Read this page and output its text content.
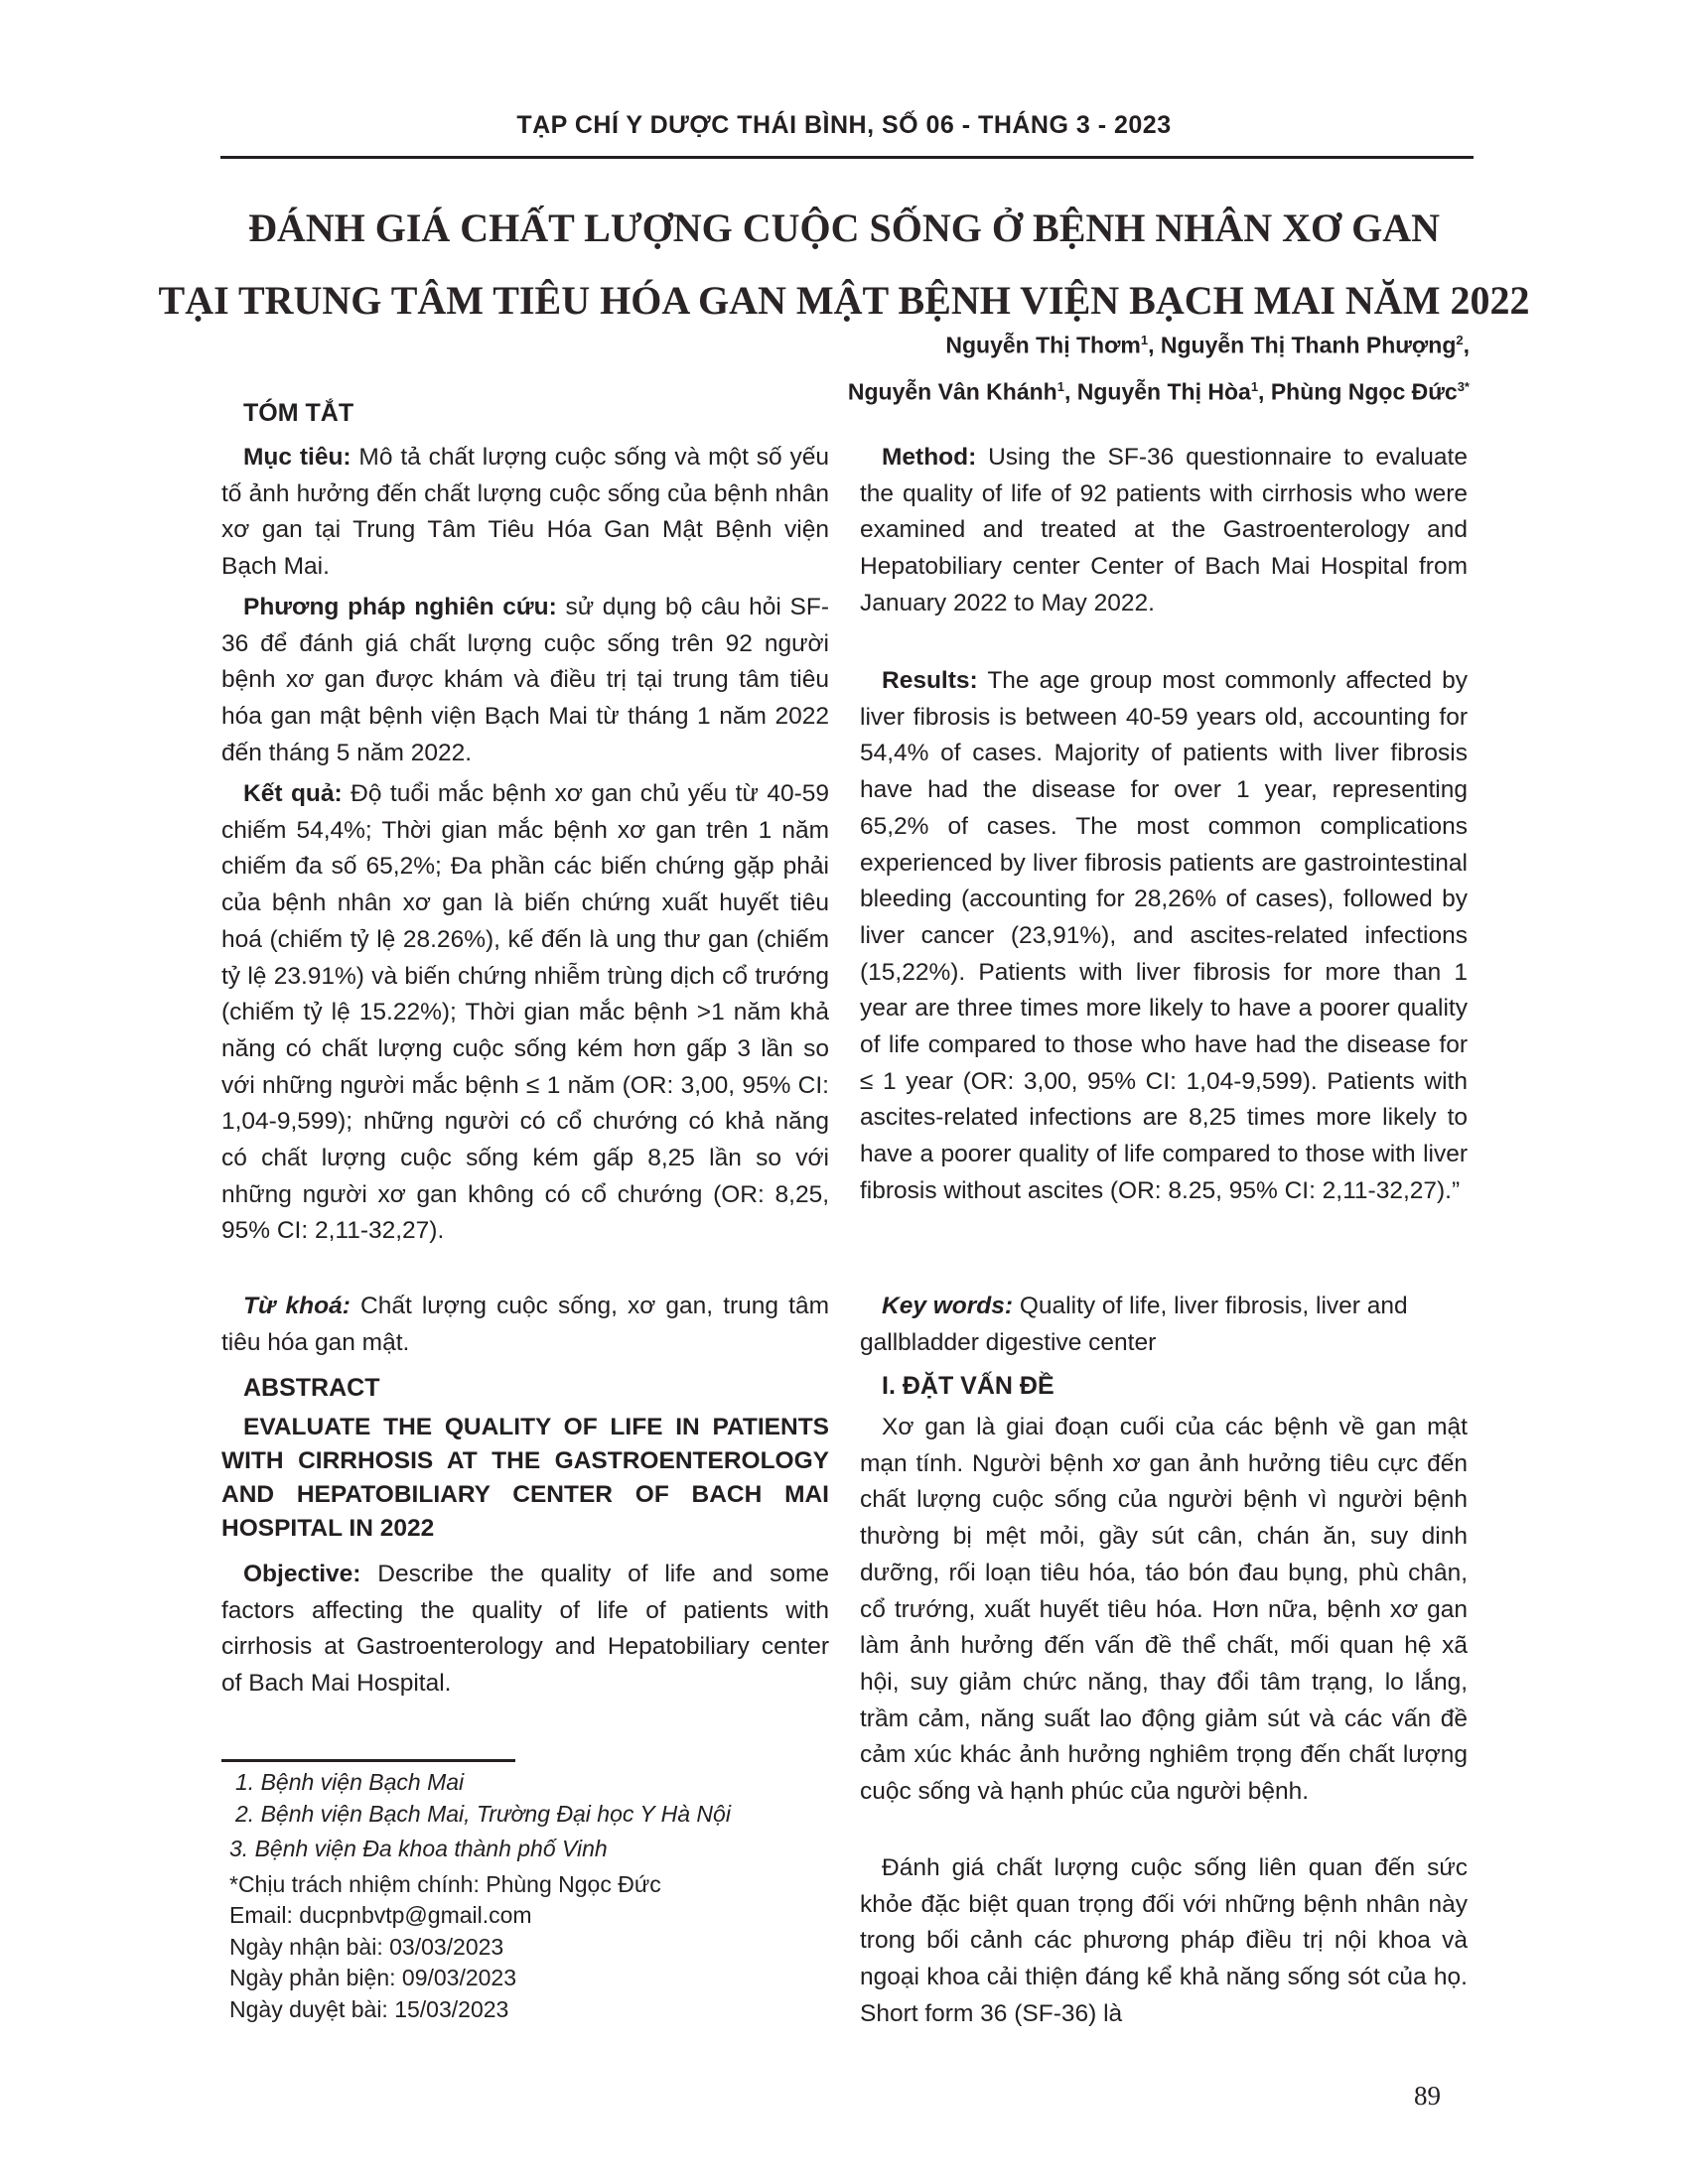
TẠP CHÍ Y DƯỢC THÁI BÌNH, SỐ 06 - THÁNG 3 - 2023
ĐÁNH GIÁ CHẤT LƯỢNG CUỘC SỐNG Ở BỆNH NHÂN XƠ GAN
TẠI TRUNG TÂM TIÊU HÓA GAN MẬT BỆNH VIỆN BẠCH MAI NĂM 2022
Nguyễn Thị Thơm$^1$, Nguyễn Thị Thanh Phượng$^2$,
Nguyễn Vân Khánh$^1$, Nguyễn Thị Hòa$^1$, Phùng Ngọc Đức$^{3*}$
TÓM TẮT
Mục tiêu: Mô tả chất lượng cuộc sống và một số yếu tố ảnh hưởng đến chất lượng cuộc sống của bệnh nhân xơ gan tại Trung Tâm Tiêu Hóa Gan Mật Bệnh viện Bạch Mai.
Phương pháp nghiên cứu: sử dụng bộ câu hỏi SF-36 để đánh giá chất lượng cuộc sống trên 92 người bệnh xơ gan được khám và điều trị tại trung tâm tiêu hóa gan mật bệnh viện Bạch Mai từ tháng 1 năm 2022 đến tháng 5 năm 2022.
Kết quả: Độ tuổi mắc bệnh xơ gan chủ yếu từ 40-59 chiếm 54,4%; Thời gian mắc bệnh xơ gan trên 1 năm chiếm đa số 65,2%; Đa phần các biến chứng gặp phải của bệnh nhân xơ gan là biến chứng xuất huyết tiêu hoá (chiếm tỷ lệ 28.26%), kế đến là ung thư gan (chiếm tỷ lệ 23.91%) và biến chứng nhiễm trùng dịch cổ trướng (chiếm tỷ lệ 15.22%); Thời gian mắc bệnh >1 năm khả năng có chất lượng cuộc sống kém hơn gấp 3 lần so với những người mắc bệnh ≤ 1 năm (OR: 3,00, 95% CI: 1,04-9,599); những người có cổ chướng có khả năng có chất lượng cuộc sống kém gấp 8,25 lần so với những người xơ gan không có cổ chướng (OR: 8,25, 95% CI: 2,11-32,27).
Từ khoá: Chất lượng cuộc sống, xơ gan, trung tâm tiêu hóa gan mật.
ABSTRACT
EVALUATE THE QUALITY OF LIFE IN PATIENTS WITH CIRRHOSIS AT THE GASTROENTEROLOGY AND HEPATOBILIARY CENTER OF BACH MAI HOSPITAL IN 2022
Objective: Describe the quality of life and some factors affecting the quality of life of patients with cirrhosis at Gastroenterology and Hepatobiliary center of Bach Mai Hospital.
Method: Using the SF-36 questionnaire to evaluate the quality of life of 92 patients with cirrhosis who were examined and treated at the Gastroenterology and Hepatobiliary center Center of Bach Mai Hospital from January 2022 to May 2022.
Results: The age group most commonly affected by liver fibrosis is between 40-59 years old, accounting for 54,4% of cases. Majority of patients with liver fibrosis have had the disease for over 1 year, representing 65,2% of cases. The most common complications experienced by liver fibrosis patients are gastrointestinal bleeding (accounting for 28,26% of cases), followed by liver cancer (23,91%), and ascites-related infections (15,22%). Patients with liver fibrosis for more than 1 year are three times more likely to have a poorer quality of life compared to those who have had the disease for ≤ 1 year (OR: 3,00, 95% CI: 1,04-9,599). Patients with ascites-related infections are 8,25 times more likely to have a poorer quality of life compared to those with liver fibrosis without ascites (OR: 8.25, 95% CI: 2,11-32,27).”
Key words: Quality of life, liver fibrosis, liver and gallbladder digestive center
I. ĐẶT VẤN ĐỀ
Xơ gan là giai đoạn cuối của các bệnh về gan mật mạn tính. Người bệnh xơ gan ảnh hưởng tiêu cực đến chất lượng cuộc sống của người bệnh vì người bệnh thường bị mệt mỏi, gầy sút cân, chán ăn, suy dinh dưỡng, rối loạn tiêu hóa, táo bón đau bụng, phù chân, cổ trướng, xuất huyết tiêu hóa. Hơn nữa, bệnh xơ gan làm ảnh hưởng đến vấn đề thể chất, mối quan hệ xã hội, suy giảm chức năng, thay đổi tâm trạng, lo lắng, trầm cảm, năng suất lao động giảm sút và các vấn đề cảm xúc khác ảnh hưởng nghiêm trọng đến chất lượng cuộc sống và hạnh phúc của người bệnh.
Đánh giá chất lượng cuộc sống liên quan đến sức khỏe đặc biệt quan trọng đối với những bệnh nhân này trong bối cảnh các phương pháp điều trị nội khoa và ngoại khoa cải thiện đáng kể khả năng sống sót của họ. Short form 36 (SF-36) là
1. Bệnh viện Bạch Mai
2. Bệnh viện Bạch Mai, Trường Đại học Y Hà Nội
3. Bệnh viện Đa khoa thành phố Vinh
*Chịu trách nhiệm chính: Phùng Ngọc Đức
Email: ducpnbvtp@gmail.com
Ngày nhận bài: 03/03/2023
Ngày phản biện: 09/03/2023
Ngày duyệt bài: 15/03/2023
89
